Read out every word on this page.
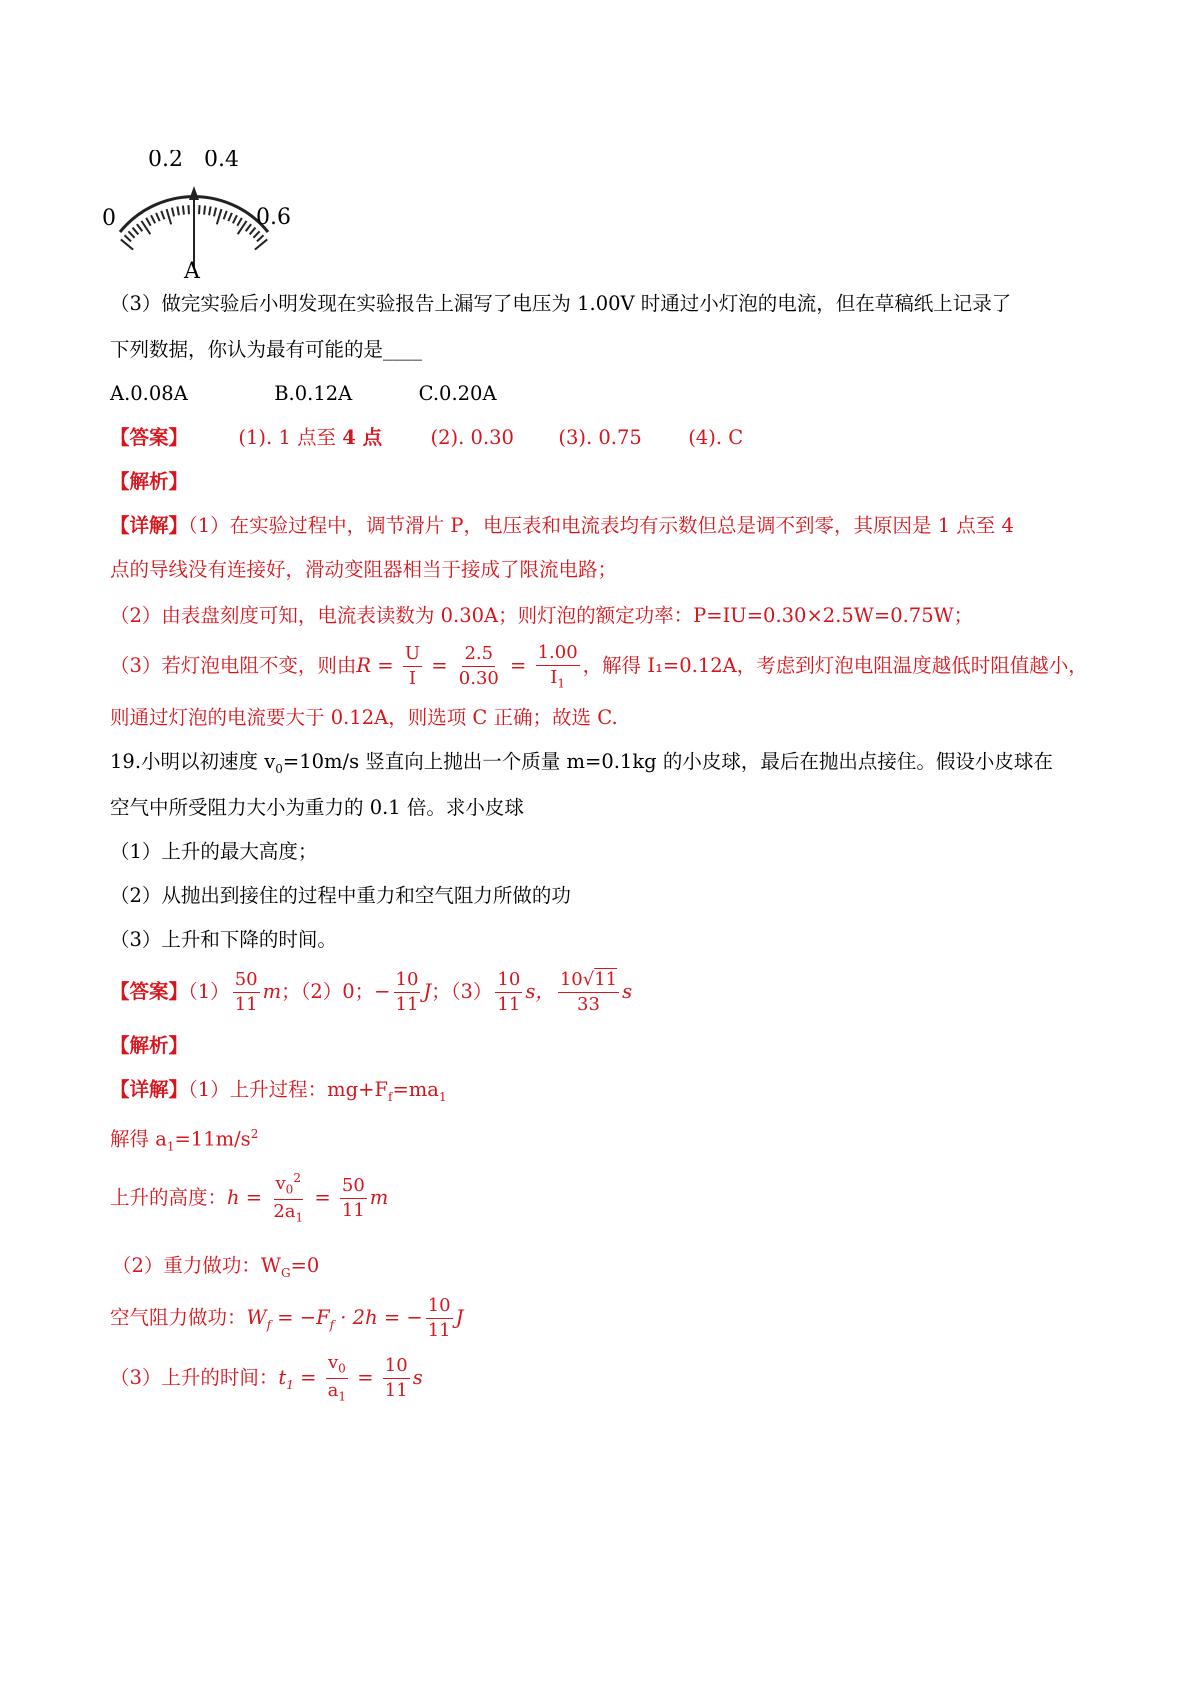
0
0.2 0.4
0.6
A
（3）做完实验后小明发现在实验报告上漏写了电压为 1.00V 时通过小灯泡的电流，但在草稿纸上记录了
下列数据，你认为最有可能的是____
A.0.08A	B.0.12A	C.0.20A
【答案】	(1). 1 点至 4 点 (2). 0.30 (3). 0.75 (4). C
【解析】
【详解】（1）在实验过程中，调节滑片 P，电压表和电流表均有示数但总是调不到零，其原因是 1 点至 4
点的导线没有连接好，滑动变阻器相当于接成了限流电路；
（2）由表盘刻度可知，电流表读数为 0.30A；则灯泡的额定功率：P=IU=0.30×2.5W=0.75W；
（3）若灯泡电阻不变，则由$R = \frac{U}{I} = \frac{2.5}{0.30} = \frac{1.00}{I_1}$ ，解得 I₁=0.12A，考虑到灯泡电阻温度越低时阻值越小，
则通过灯泡的电流要大于 0.12A，则选项 C 正确；故选 C.
19.小明以初速度 $v_0=10m/s$ 竖直向上抛出一个质量 m=0.1kg 的小皮球，最后在抛出点接住。假设小皮球在
空气中所受阻力大小为重力的 0.1 倍。求小皮球
（1）上升的最大高度；
（2）从抛出到接住的过程中重力和空气阻力所做的功
（3）上升和下降的时间。
【答案】$(1) \frac{50}{11}$ m；（2）0；− $\frac{10}{11}$ J；$(3) \frac{10}{11}$ s， $\frac{10√11}{33}$ s
【解析】
【详解】（1）上升过程：$mg+F_f=ma_1$
解得 $a_1=11m/s^2$
上升的高度：$h = \frac{v_0^2}{2a_1} = \frac{50}{11}$ m
（2）重力做功：$W_G=0$
空气阻力做功：$W_f = -F_f \cdot 2h$ = − $\frac{10}{11}$ J
（3）上升的时间：$t_1 = \frac{v_0}{a_1} = \frac{10}{11}$ s
